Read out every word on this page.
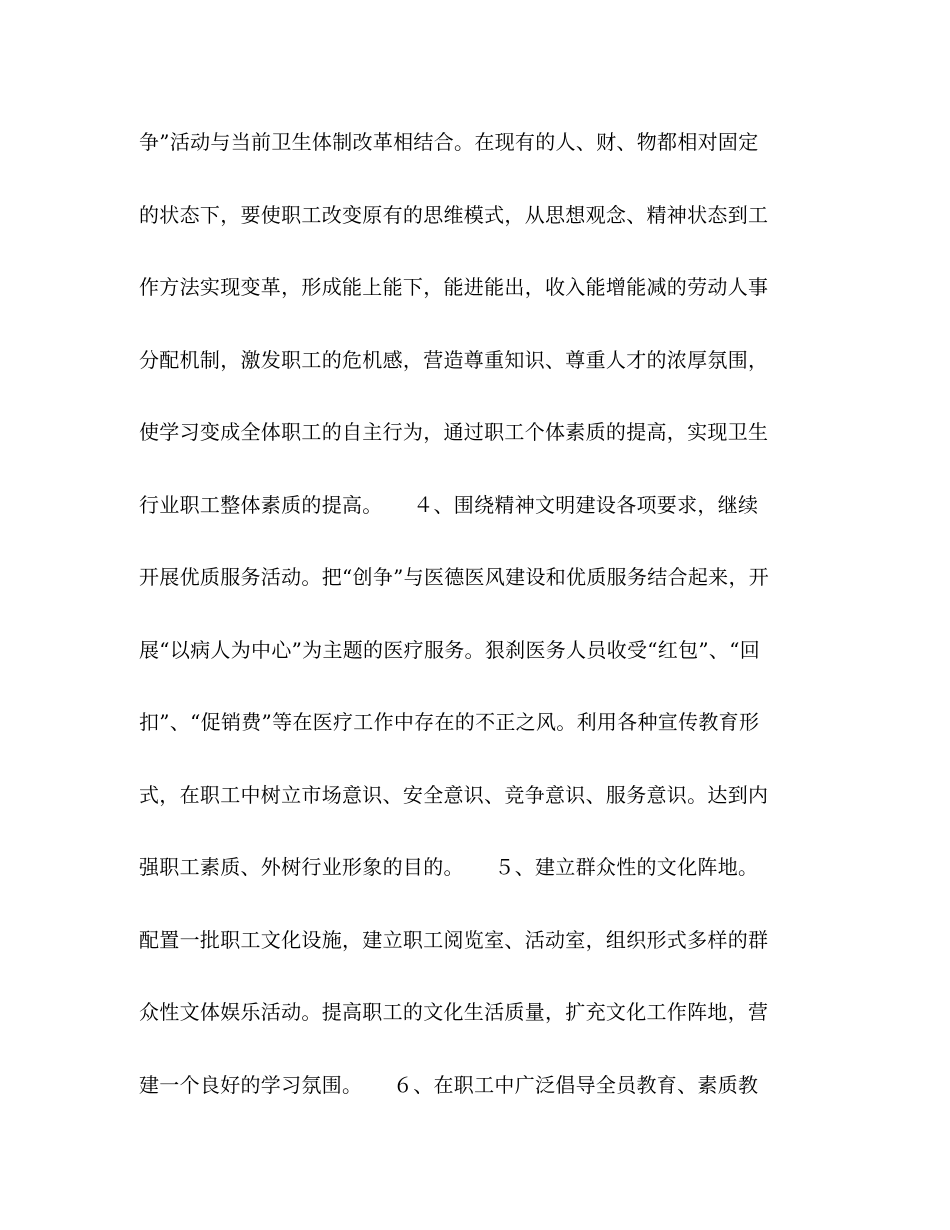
争”活动与当前卫生体制改革相结合。在现有的人、财、物都相对固定
的状态下，要使职工改变原有的思维模式，从思想观念、精神状态到工
作方法实现变革，形成能上能下，能进能出，收入能增能减的劳动人事
分配机制，激发职工的危机感，营造尊重知识、尊重人才的浓厚氛围，
使学习变成全体职工的自主行为，通过职工个体素质的提高，实现卫生
行业职工整体素质的提高。　　４、围绕精神文明建设各项要求，继续
开展优质服务活动。把“创争”与医德医风建设和优质服务结合起来，开
展“以病人为中心”为主题的医疗服务。狠刹医务人员收受“红包”、“回
扣”、“促销费”等在医疗工作中存在的不正之风。利用各种宣传教育形
式，在职工中树立市场意识、安全意识、竞争意识、服务意识。达到内
强职工素质、外树行业形象的目的。　　５、建立群众性的文化阵地。
配置一批职工文化设施，建立职工阅览室、活动室，组织形式多样的群
众性文体娱乐活动。提高职工的文化生活质量，扩充文化工作阵地，营
建一个良好的学习氛围。　　６、在职工中广泛倡导全员教育、素质教
